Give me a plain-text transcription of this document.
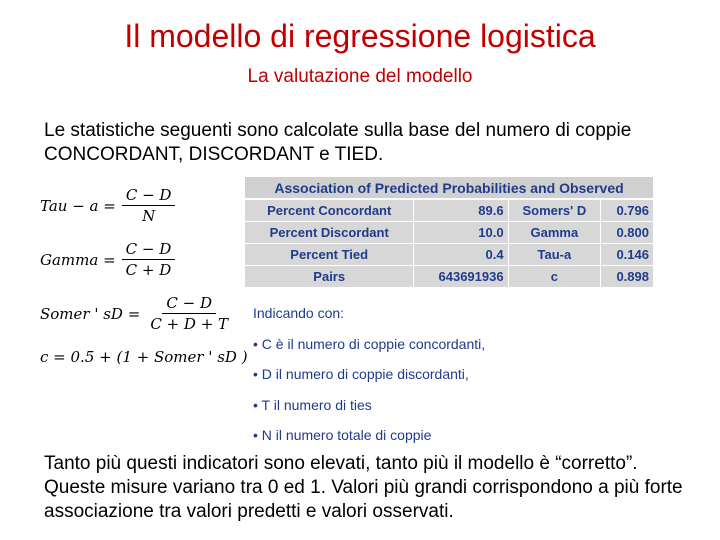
Il modello di regressione logistica
La valutazione del modello
Le statistiche seguenti sono calcolate sulla base del numero di coppie
CONCORDANT, DISCORDANT e TIED.
Tau − $a = \frac{C - D}{N}$
Gamma = $\frac{C - D}{C + D}$
Somer ' sD = $\frac{C - D}{C + D + T}$
c = 0.5 + (1 + Somer ' sD )
Association of Predicted Probabilities and Observed			
Percent Concordant	89.6	Somers' D	0.796
Percent Discordant	10.0	Gamma	0.800
Percent Tied	0.4	Tau-a	0.146
Pairs	643691936	c	0.898
Indicando con:
• C è il numero di coppie concordanti,
• D il numero di coppie discordanti,
• T il numero di ties
• N il numero totale di coppie
Tanto più questi indicatori sono elevati, tanto più il modello è “corretto”.
Queste misure variano tra 0 ed 1. Valori più grandi corrispondono a più forte
associazione tra valori predetti e valori osservati.
